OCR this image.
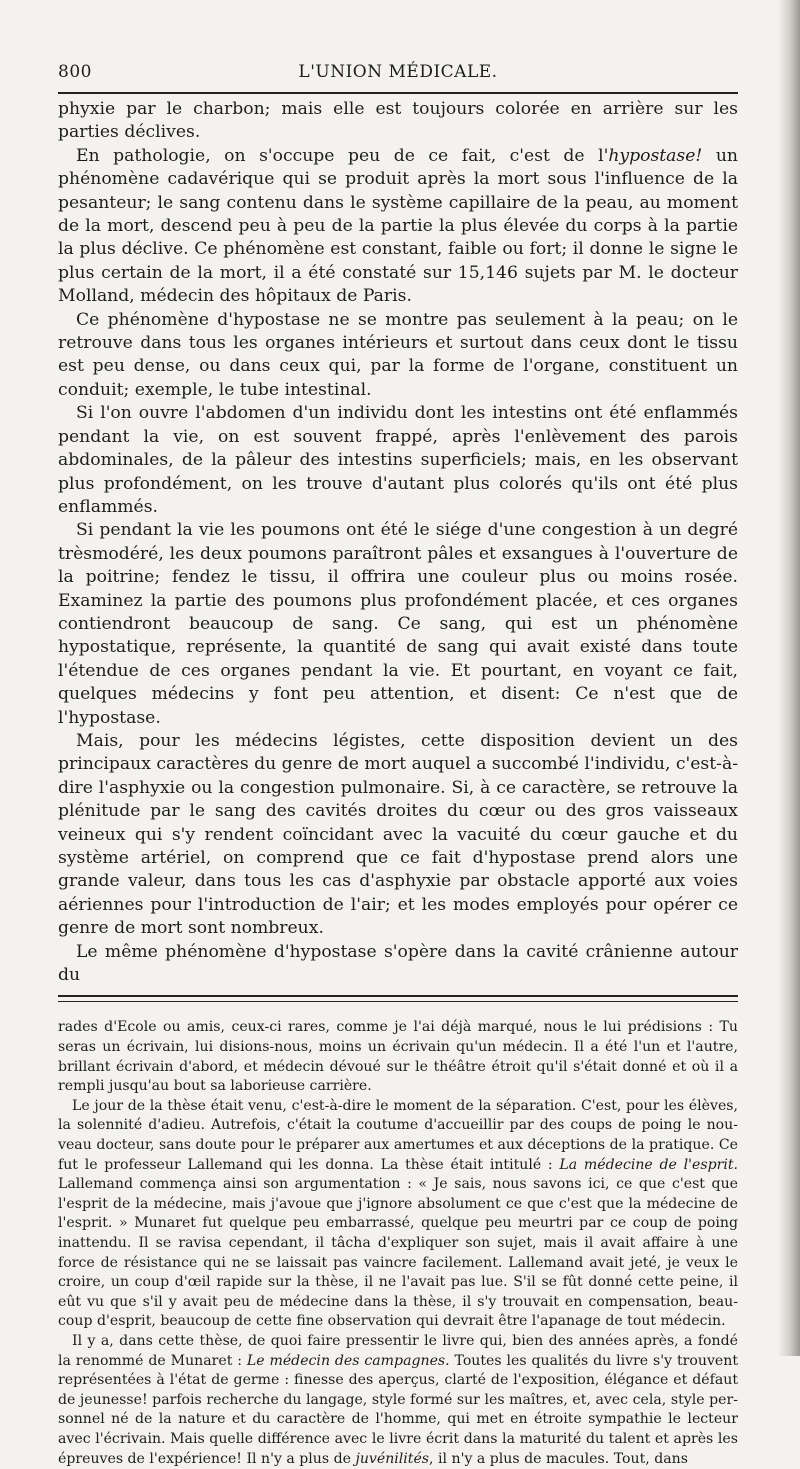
800	L'UNION MÉDICALE.

phyxie par le charbon; mais elle est toujours colorée en arrière sur les parties déclives.

En pathologie, on s'occupe peu de ce fait, c'est de l'hypostase! un phénomène cadavérique qui se produit après la mort sous l'influence de la pesanteur; le sang contenu dans le système capillaire de la peau, au moment de la mort, descend peu à peu de la partie la plus élevée du corps à la partie la plus déclive. Ce phénomène est constant, faible ou fort; il donne le signe le plus certain de la mort, il a été constaté sur 15,146 sujets par M. le docteur Molland, médecin des hôpitaux de Paris.

Ce phénomène d'hypostase ne se montre pas seulement à la peau; on le retrouve dans tous les organes intérieurs et surtout dans ceux dont le tissu est peu dense, ou dans ceux qui, par la forme de l'organe, constituent un conduit; exemple, le tube intestinal.

Si l'on ouvre l'abdomen d'un individu dont les intestins ont été enflammés pendant la vie, on est souvent frappé, après l'enlèvement des parois abdominales, de la pâleur des intestins superficiels; mais, en les observant plus profondément, on les trouve d'autant plus colorés qu'ils ont été plus enflammés.

Si pendant la vie les poumons ont été le siége d'une congestion à un degré trèsmodéré, les deux poumons paraîtront pâles et exsangues à l'ouverture de la poitrine; fendez le tissu, il offrira une couleur plus ou moins rosée. Examinez la partie des poumons plus profondément placée, et ces organes contiendront beaucoup de sang. Ce sang, qui est un phénomène hypostatique, représente, la quantité de sang qui avait existé dans toute l'étendue de ces organes pendant la vie. Et pourtant, en voyant ce fait, quelques médecins y font peu attention, et disent: Ce n'est que de l'hypostase.

Mais, pour les médecins légistes, cette disposition devient un des principaux caractères du genre de mort auquel a succombé l'individu, c'est-à-dire l'asphyxie ou la congestion pulmonaire. Si, à ce caractère, se retrouve la plénitude par le sang des cavités droites du cœur ou des gros vaisseaux veineux qui s'y rendent coïncidant avec la vacuité du cœur gauche et du système artériel, on comprend que ce fait d'hypostase prend alors une grande valeur, dans tous les cas d'asphyxie par obstacle apporté aux voies aériennes pour l'introduction de l'air; et les modes employés pour opérer ce genre de mort sont nombreux.

Le même phénomène d'hypostase s'opère dans la cavité crânienne autour du

rades d'Ecole ou amis, ceux-ci rares, comme je l'ai déjà marqué, nous le lui prédisions : Tu seras un écrivain, lui disions-nous, moins un écrivain qu'un médecin. Il a été l'un et l'autre, brillant écrivain d'abord, et médecin dévoué sur le théâtre étroit qu'il s'était donné et où il a rempli jusqu'au bout sa laborieuse carrière.

Le jour de la thèse était venu, c'est-à-dire le moment de la séparation. C'est, pour les élèves, la solennité d'adieu. Autrefois, c'était la coutume d'accueillir par des coups de poing le nouveau docteur, sans doute pour le préparer aux amertumes et aux déceptions de la pratique. Ce fut le professeur Lallemand qui les donna. La thèse était intitulé : La médecine de l'esprit. Lallemand commença ainsi son argumentation : « Je sais, nous savons ici, ce que c'est que l'esprit de la médecine, mais j'avoue que j'ignore absolument ce que c'est que la médecine de l'esprit. » Munaret fut quelque peu embarrassé, quelque peu meurtri par ce coup de poing inattendu. Il se ravisa cependant, il tâcha d'expliquer son sujet, mais il avait affaire à une force de résistance qui ne se laissait pas vaincre facilement. Lallemand avait jeté, je veux le croire, un coup d'œil rapide sur la thèse, il ne l'avait pas lue. S'il se fût donné cette peine, il eût vu que s'il y avait peu de médecine dans la thèse, il s'y trouvait en compensation, beaucoup d'esprit, beaucoup de cette fine observation qui devrait être l'apanage de tout médecin.

Il y a, dans cette thèse, de quoi faire pressentir le livre qui, bien des années après, a fondé la renommé de Munaret : Le médecin des campagnes. Toutes les qualités du livre s'y trouvent représentées à l'état de germe : finesse des aperçus, clarté de l'exposition, élégance et défaut de jeunesse! parfois recherche du langage, style formé sur les maîtres, et, avec cela, style personnel né de la nature et du caractère de l'homme, qui met en étroite sympathie le lecteur avec l'écrivain. Mais quelle différence avec le livre écrit dans la maturité du talent et après les épreuves de l'expérience! Il n'y a plus de juvénilités, il n'y a plus de macules. Tout, dans
